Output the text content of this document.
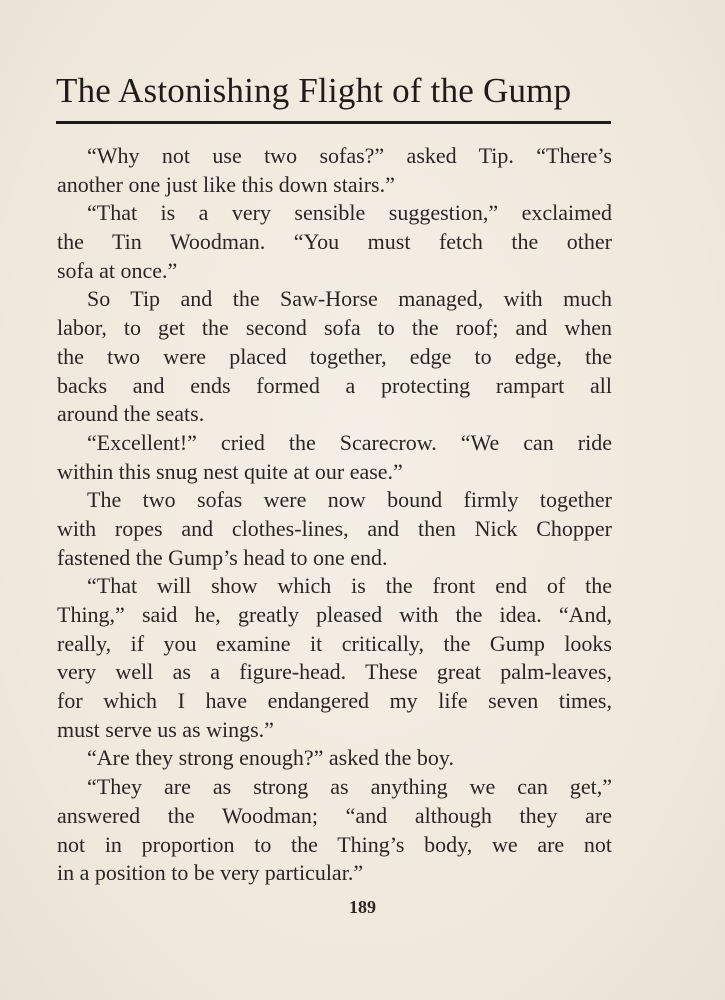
The Astonishing Flight of the Gump
“Why not use two sofas?” asked Tip. “There’s
another one just like this down stairs.”
“That is a very sensible suggestion,” exclaimed
the Tin Woodman. “You must fetch the other
sofa at once.”
So Tip and the Saw-Horse managed, with much
labor, to get the second sofa to the roof; and when
the two were placed together, edge to edge, the
backs and ends formed a protecting rampart all
around the seats.
“Excellent!” cried the Scarecrow. “We can ride
within this snug nest quite at our ease.”
The two sofas were now bound firmly together
with ropes and clothes-lines, and then Nick Chopper
fastened the Gump’s head to one end.
“That will show which is the front end of the
Thing,” said he, greatly pleased with the idea. “And,
really, if you examine it critically, the Gump looks
very well as a figure-head. These great palm-leaves,
for which I have endangered my life seven times,
must serve us as wings.”
“Are they strong enough?” asked the boy.
“They are as strong as anything we can get,”
answered the Woodman; “and although they are
not in proportion to the Thing’s body, we are not
in a position to be very particular.”
189
